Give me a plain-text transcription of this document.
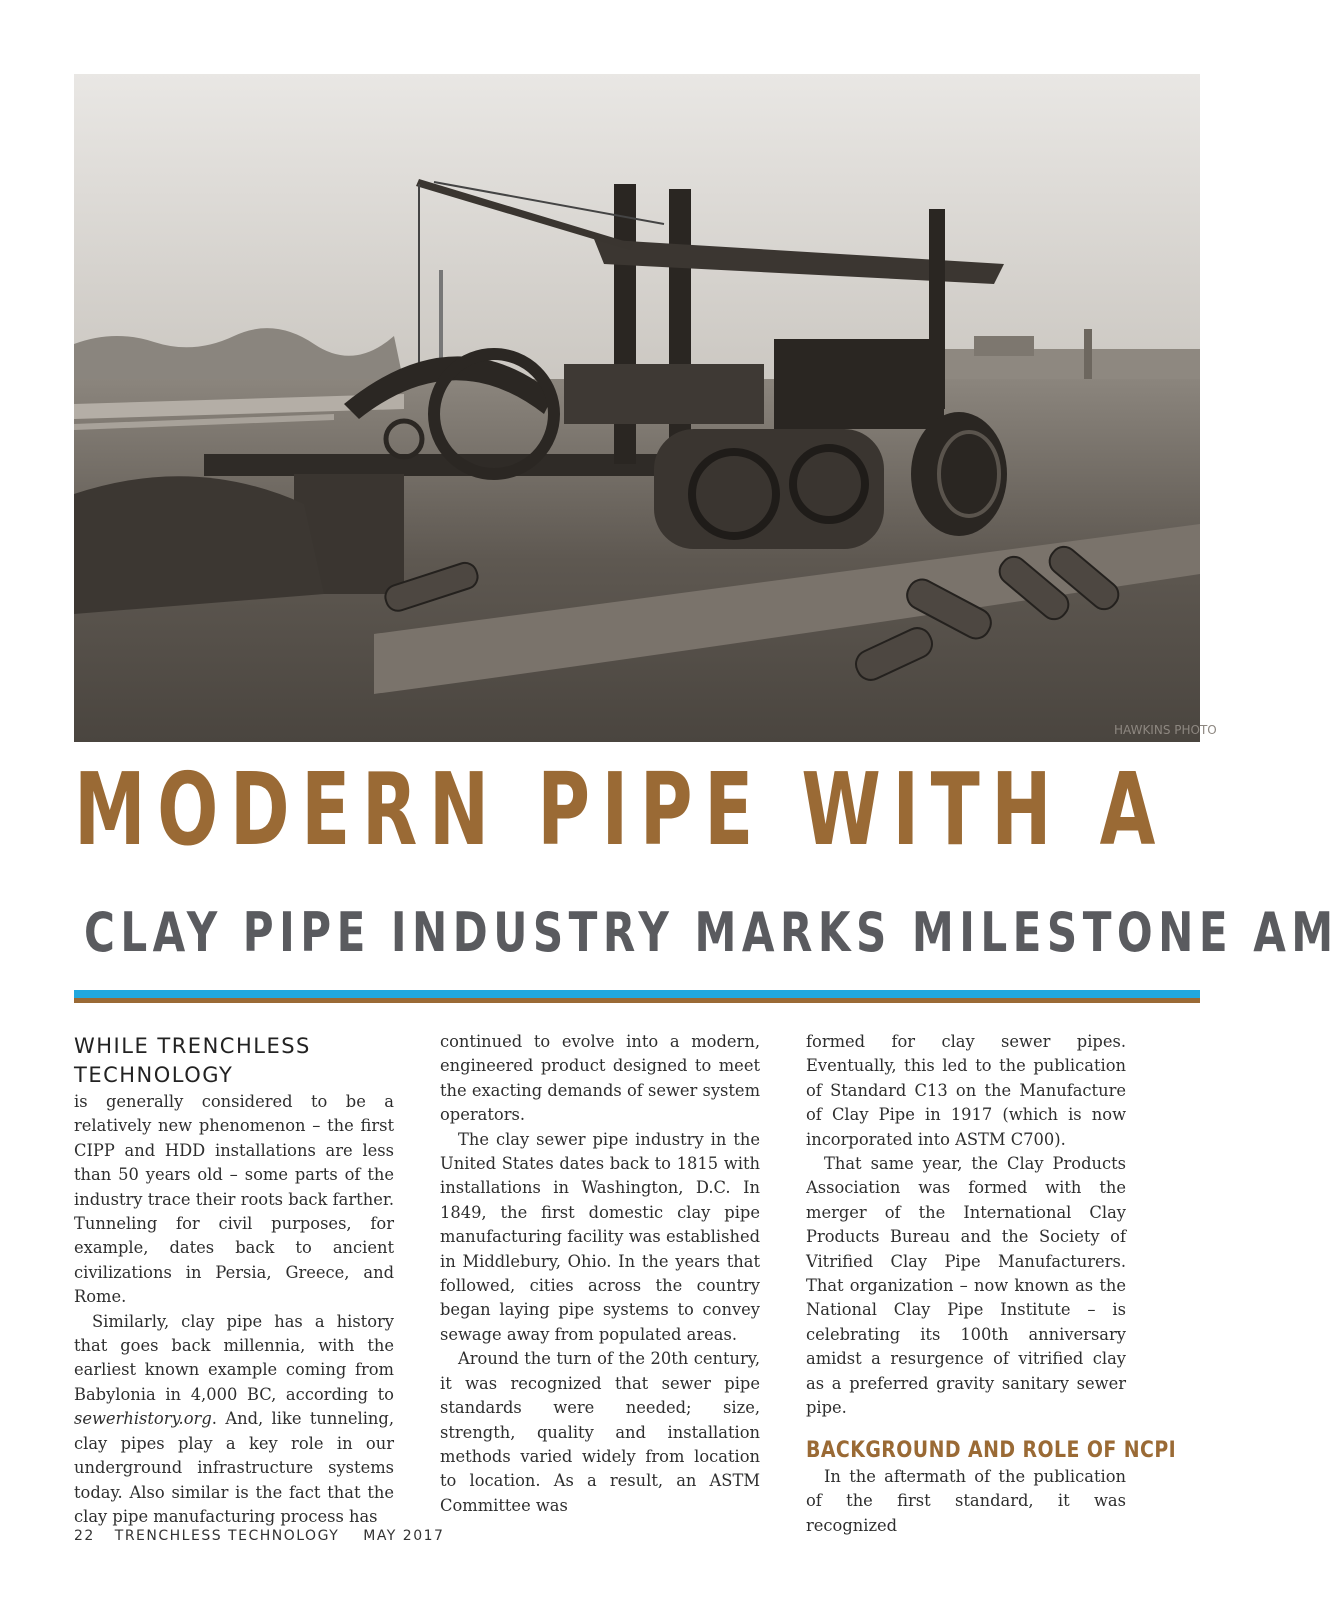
HAWKINS PHOTO
MODERN PIPE WITH A
CLAY PIPE INDUSTRY MARKS MILESTONE AM
WHILE TRENCHLESS TECHNOLOGY

is generally considered to be a relatively new phenomenon – the first CIPP and HDD installations are less than 50 years old – some parts of the industry trace their roots back farther. Tunneling for civil purposes, for example, dates back to ancient civilizations in Persia, Greece, and Rome.

Similarly, clay pipe has a history that goes back millennia, with the earliest known example coming from Babylonia in 4,000 BC, according to sewerhistory.org. And, like tunneling, clay pipes play a key role in our underground infrastructure systems today. Also similar is the fact that the clay pipe manufacturing process has

continued to evolve into a modern, engineered product designed to meet the exacting demands of sewer system operators.

The clay sewer pipe industry in the United States dates back to 1815 with installations in Washington, D.C. In 1849, the first domestic clay pipe manufacturing facility was established in Middlebury, Ohio. In the years that followed, cities across the country began laying pipe systems to convey sewage away from populated areas.

Around the turn of the 20th century, it was recognized that sewer pipe standards were needed; size, strength, quality and installation methods varied widely from location to location. As a result, an ASTM Committee was

formed for clay sewer pipes. Eventually, this led to the publication of Standard C13 on the Manufacture of Clay Pipe in 1917 (which is now incorporated into ASTM C700).

That same year, the Clay Products Association was formed with the merger of the International Clay Products Bureau and the Society of Vitrified Clay Pipe Manufacturers. That organization – now known as the National Clay Pipe Institute – is celebrating its 100th anniversary amidst a resurgence of vitrified clay as a preferred gravity sanitary sewer pipe.

BACKGROUND AND ROLE OF NCPI

In the aftermath of the publication of the first standard, it was recognized

22 TRENCHLESS TECHNOLOGY MAY 2017
